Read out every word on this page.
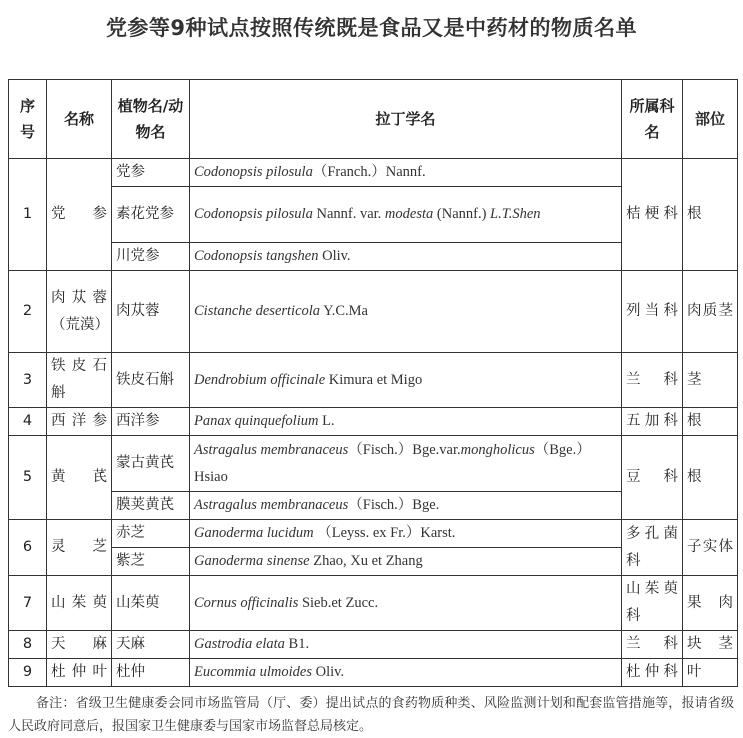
党参等9种试点按照传统既是食品又是中药材的物质名单
序号	名称	植物名/动物名	拉丁学名	所属科名	部位
1	党参	党参	Codonopsis pilosula（Franch.）Nannf.	桔梗科	根
		素花党参	Codonopsis pilosula Nannf. var. modesta (Nannf.) L.T.Shen		
		川党参	Codonopsis tangshen Oliv.		
2	肉苁蓉（荒漠）	肉苁蓉	Cistanche deserticola Y.C.Ma	列当科	肉质茎
3	铁皮石斛	铁皮石斛	Dendrobium officinale Kimura et Migo	兰科	茎
4	西洋参	西洋参	Panax quinquefolium L.	五加科	根
5	黄芪	蒙古黄芪	Astragalus membranaceus（Fisch.）Bge.var.mongholicus（Bge.）Hsiao	豆科	根
		膜荚黄芪	Astragalus membranaceus（Fisch.）Bge.		
6	灵芝	赤芝	Ganoderma lucidum （Leyss. ex Fr.）Karst.	多孔菌科	子实体
		紫芝	Ganoderma sinense Zhao, Xu et Zhang		
7	山茱萸	山茱萸	Cornus officinalis Sieb.et Zucc.	山茱萸科	果肉
8	天麻	天麻	Gastrodia elata B1.	兰科	块茎
9	杜仲叶	杜仲	Eucommia ulmoides Oliv.	杜仲科	叶
备注：省级卫生健康委会同市场监管局（厅、委）提出试点的食药物质种类、风险监测计划和配套监管措施等，报请省级人民政府同意后，报国家卫生健康委与国家市场监督总局核定。
